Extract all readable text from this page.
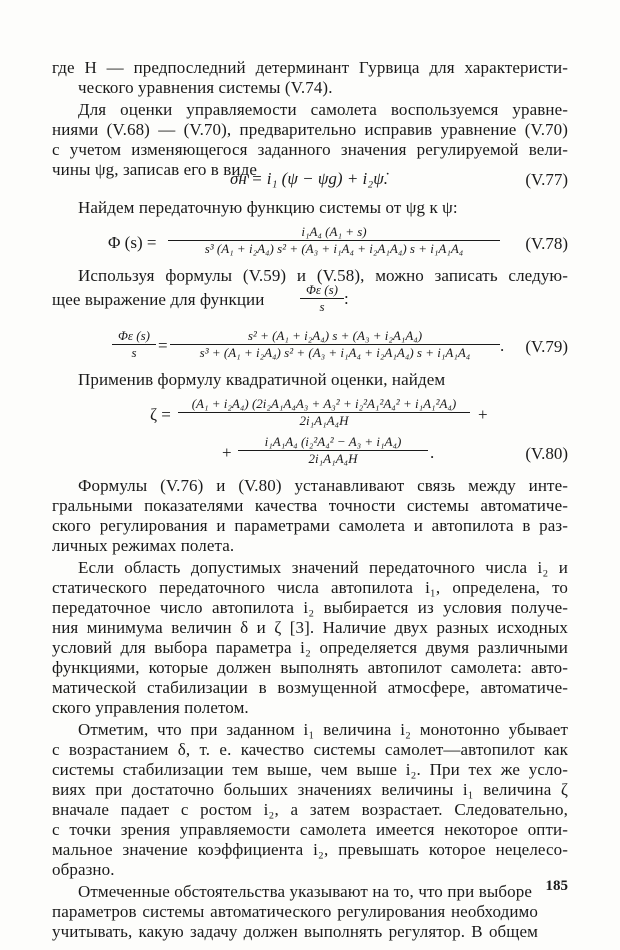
где H — предпоследний детерминант Гурвица для характеристи-
ческого уравнения системы (V.74).
Для оценки управляемости самолета воспользуемся уравне-
ниями (V.68) — (V.70), предварительно исправив уравнение (V.70)
с учетом изменяющегося заданного значения регулируемой вели-
чины ψg, записав его в виде
σн = i₁ (ψ − ψg) + i₂ψ̇.	(V.77)
Найдем передаточную функцию системы от ψg к ψ:
Φ $(s) = \frac{\text{i₁A₄ (A₁ + s)}}{\text{s³ (A₁ + i₂A₄) s² + (A₃ + i₁A₄ + i₂A₁A₄) s + i₁A₁A₄}}$	(V.78)
Используя формулы (V.59) и (V.58), можно записать следую-
щее выражение для функции	$\frac{\Phi\varepsilon (s)}{s}$ :
$\frac{\Phi\varepsilon (s)}{s} = \frac{\text{s² + (A₁ + i₂A₄) s + (A₃ + i₂A₁A₄)}}{\text{s³ + (A₁ + i₂A₄) s² + (A₃ + i₁A₄ + i₂A₁A₄) s + i₁A₁A₄}}$ .	(V.79)
Применив формулу квадратичной оценки, найдем
$\zeta = \frac{\text{(A₁ + i₂A₄) (2i₂A₁A₄A₃ + A₃² + i₂²A₁²A₄² + i₁A₁²A₄)}}{\text{2i₁A₁A₄H}}$ +
+ $\frac{\text{i₁A₁A₄ (i₂²A₄² − A₃ + i₁A₄)}}{\text{2i₁A₁A₄H}}$ .	(V.80)
Формулы (V.76) и (V.80) устанавливают связь между инте-
гральными показателями качества точности системы автоматиче-
ского регулирования и параметрами самолета и автопилота в раз-
личных режимах полета.
Если область допустимых значений передаточного числа i₂ и
статического передаточного числа автопилота i₁, определена, то
передаточное число автопилота i₂ выбирается из условия получе-
ния минимума величин δ и ζ [3]. Наличие двух разных исходных
условий для выбора параметра i₂ определяется двумя различными
функциями, которые должен выполнять автопилот самолета: авто-
матической стабилизации в возмущенной атмосфере, автоматиче-
ского управления полетом.
Отметим, что при заданном i₁ величина i₂ монотонно убывает
с возрастанием δ, т. е. качество системы самолет—автопилот как
системы стабилизации тем выше, чем выше i₂. При тех же усло-
виях при достаточно больших значениях величины i₁ величина ζ
вначале падает с ростом i₂, а затем возрастает. Следовательно,
с точки зрения управляемости самолета имеется некоторое опти-
мальное значение коэффициента i₂, превышать которое нецелесо-
образно.
Отмеченные обстоятельства указывают на то, что при выборе
параметров системы автоматического регулирования необходимо
учитывать, какую задачу должен выполнять регулятор. В общем
185
